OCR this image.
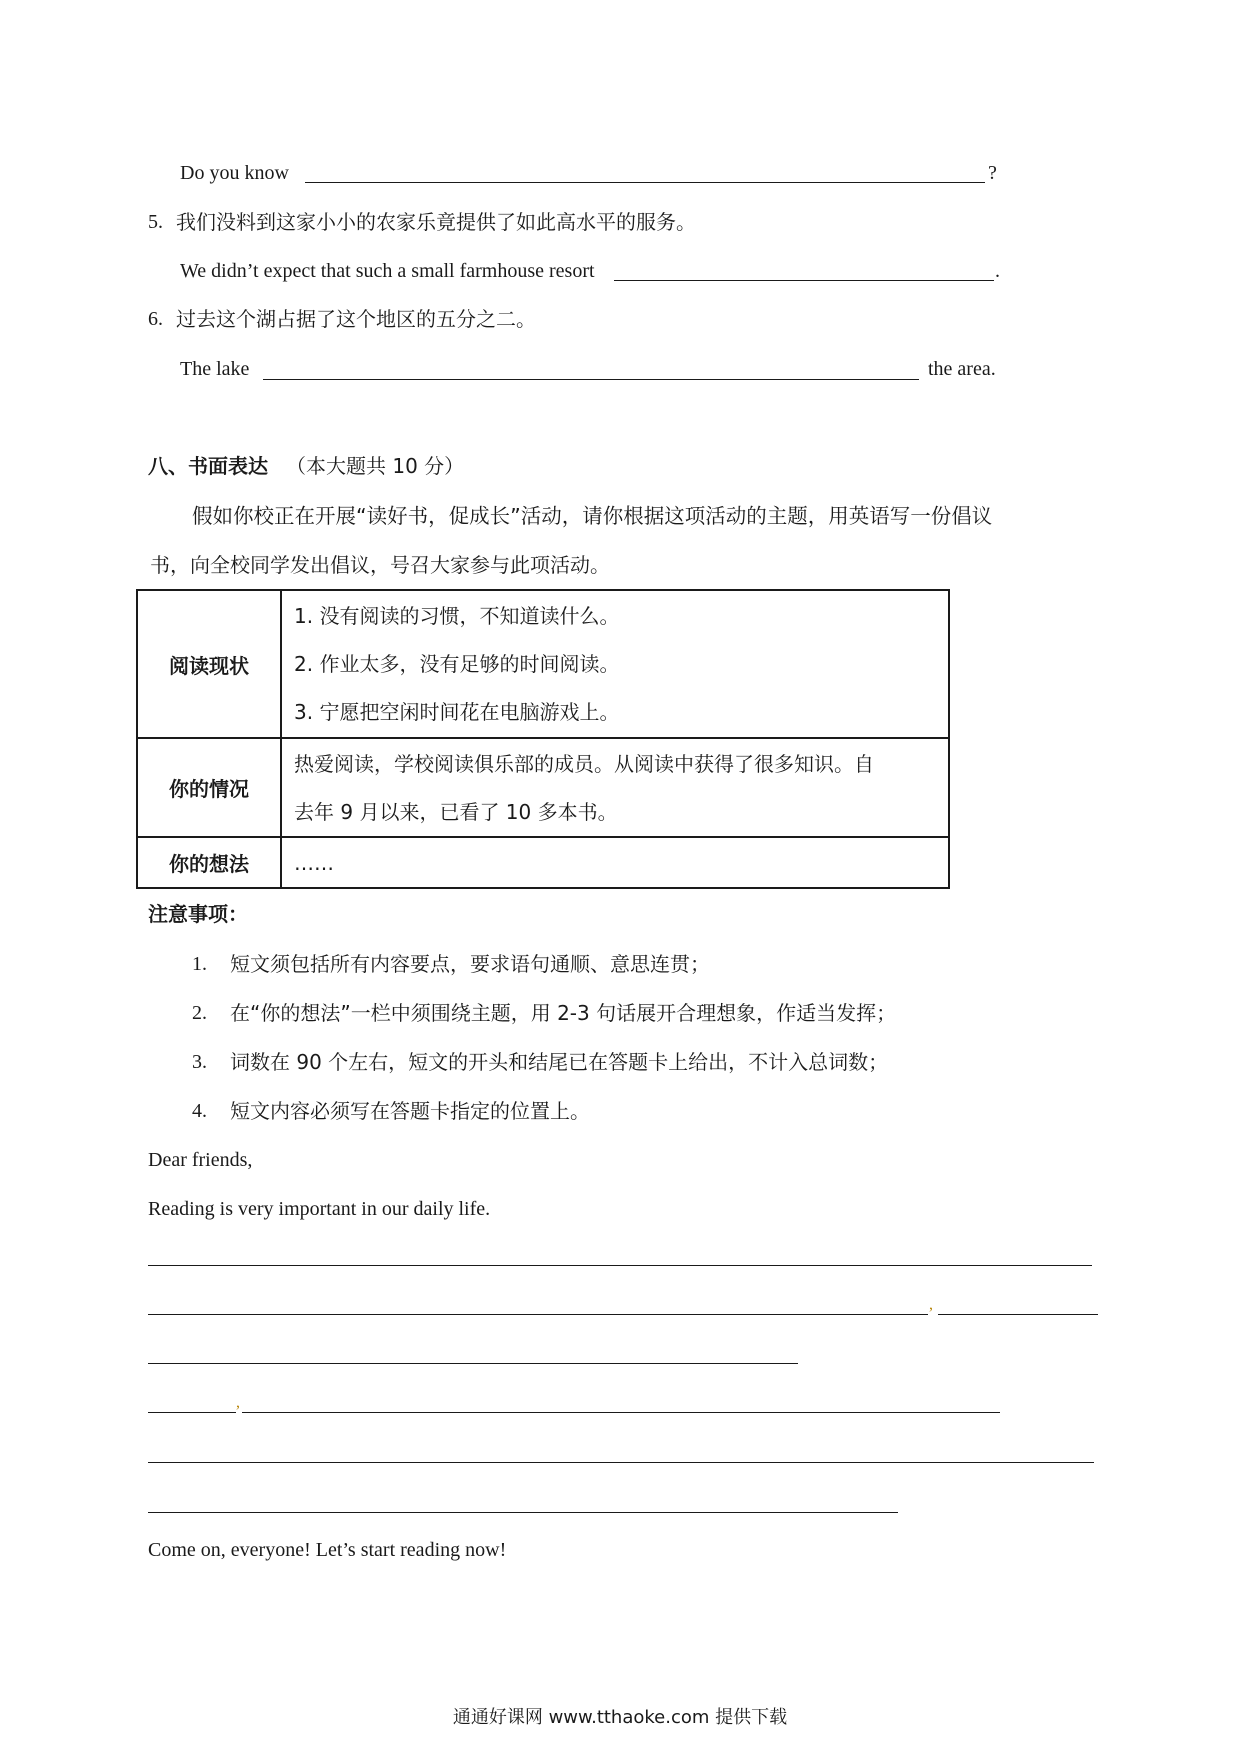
Do you know	?
5. 我们没料到这家小小的农家乐竟提供了如此高水平的服务。
We didn’t expect that such a small farmhouse resort	.
6. 过去这个湖占据了这个地区的五分之二。
The lake	the area.
八、书面表达 （本大题共 10 分）
假如你校正在开展“读好书，促成长”活动，请你根据这项活动的主题，用英语写一份倡议
书，向全校同学发出倡议，号召大家参与此项活动。
阅读现状	1. 没有阅读的习惯，不知道读什么。
2. 作业太多，没有足够的时间阅读。
3. 宁愿把空闲时间花在电脑游戏上。

你的情况	热爱阅读，学校阅读俱乐部的成员。从阅读中获得了很多知识。自
去年 9 月以来，已看了 10 多本书。

你的想法	……
注意事项：
1. 短文须包括所有内容要点，要求语句通顺、意思连贯；
2. 在“你的想法”一栏中须围绕主题，用 2-3 句话展开合理想象，作适当发挥；
3. 词数在 90 个左右，短文的开头和结尾已在答题卡上给出，不计入总词数；
4. 短文内容必须写在答题卡指定的位置上。
Dear friends,
Reading is very important in our daily life.
,
,
Come on, everyone! Let’s start reading now!
通通好课网 www.tthaoke.com 提供下载
